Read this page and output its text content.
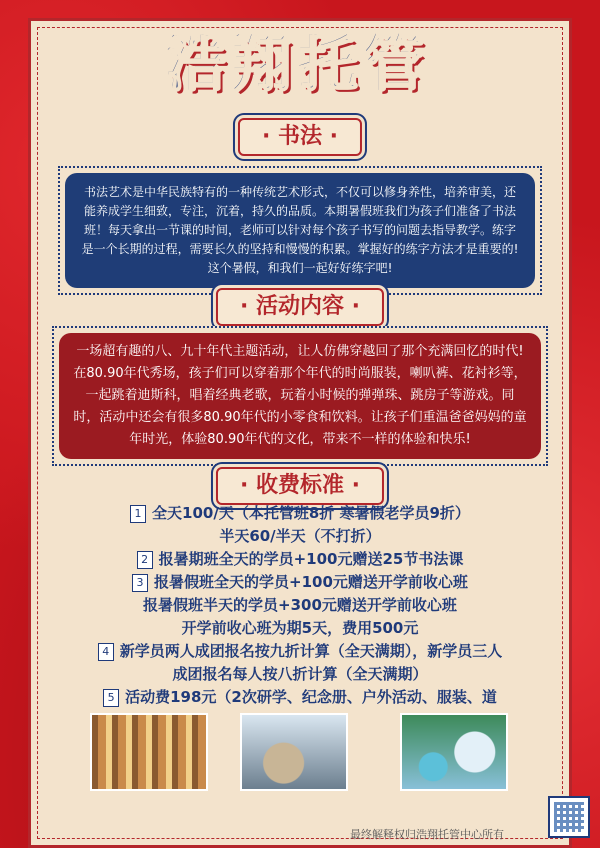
浩翔托管
· 书法 ·
书法艺术是中华民族特有的一种传统艺术形式，不仅可以修身养性，培养审美，还能养成学生细致，专注，沉着，持久的品质。本期暑假班我们为孩子们准备了书法班！每天拿出一节课的时间，老师可以针对每个孩子书写的问题去指导教学。练字是一个长期的过程，需要长久的坚持和慢慢的积累。掌握好的练字方法才是重要的!这个暑假，和我们一起好好练字吧!
· 活动内容 ·
一场超有趣的八、九十年代主题活动，让人仿佛穿越回了那个充满回忆的时代!在80.90年代秀场，孩子们可以穿着那个年代的时尚服装，喇叭裤、花衬衫等，一起跳着迪斯科，唱着经典老歌，玩着小时候的弹弹珠、跳房子等游戏。同时，活动中还会有很多80.90年代的小零食和饮料。让孩子们重温爸爸妈妈的童年时光，体验80.90年代的文化，带来不一样的体验和快乐!
· 收费标准 ·
1 全天100/天（本托管班8折 寒暑假老学员9折）
半天60/半天（不打折）
2 报暑期班全天的学员+100元赠送25节书法课
3 报暑假班全天的学员+100元赠送开学前收心班
报暑假班半天的学员+300元赠送开学前收心班
开学前收心班为期5天，费用500元
4 新学员两人成团报名按九折计算（全天满期），新学员三人
成团报名每人按八折计算（全天满期）
5 活动费198元（2次研学、纪念册、户外活动、服装、道
最终解释权归浩翔托管中心所有
